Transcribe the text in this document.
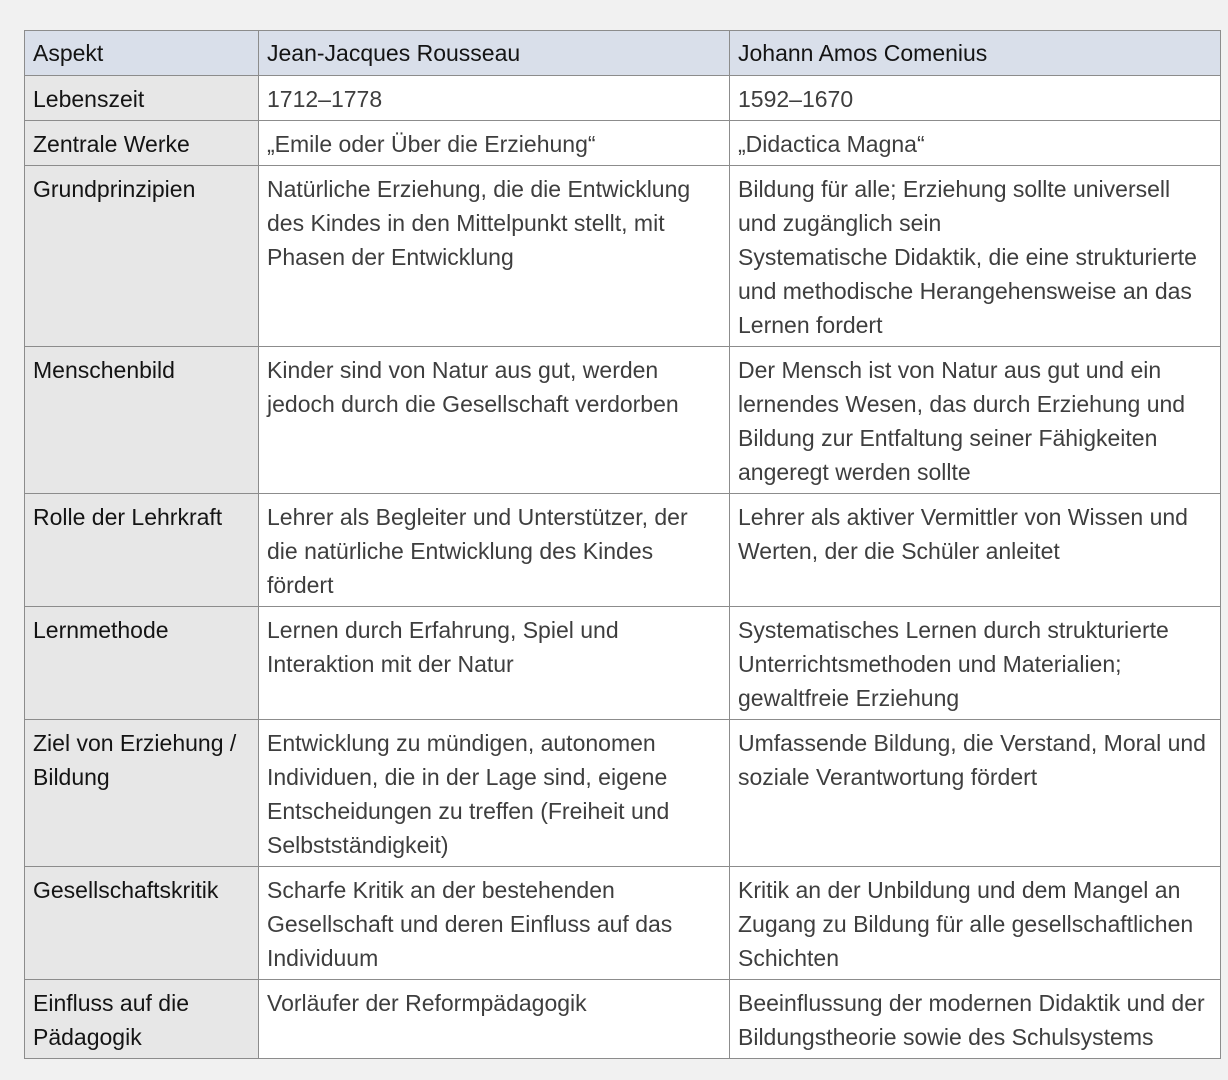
Aspekt	Jean-Jacques Rousseau	Johann Amos Comenius
Lebenszeit	1712–1778	1592–1670

Zentrale Werke	„Emile oder Über die Erziehung“	„Didactica Magna“

Grundprinzipien	Natürliche Erziehung, die die Entwicklung des Kindes in den Mittelpunkt stellt, mit Phasen der Entwicklung	Bildung für alle; Erziehung sollte universell und zugänglich sein
Systematische Didaktik, die eine strukturierte und methodische Herangehensweise an das Lernen fordert

Menschenbild	Kinder sind von Natur aus gut, werden jedoch durch die Gesellschaft verdorben	Der Mensch ist von Natur aus gut und ein lernendes Wesen, das durch Erziehung und Bildung zur Entfaltung seiner Fähigkeiten angeregt werden sollte

Rolle der Lehrkraft	Lehrer als Begleiter und Unterstützer, der die natürliche Entwicklung des Kindes fördert	Lehrer als aktiver Vermittler von Wissen und Werten, der die Schüler anleitet

Lernmethode	Lernen durch Erfahrung, Spiel und Interaktion mit der Natur	Systematisches Lernen durch strukturierte Unterrichtsmethoden und Materialien; gewaltfreie Erziehung

Ziel von Erziehung / Bildung	Entwicklung zu mündigen, autonomen Individuen, die in der Lage sind, eigene Entscheidungen zu treffen (Freiheit und Selbstständigkeit)	Umfassende Bildung, die Verstand, Moral und soziale Verantwortung fördert

Gesellschaftskritik	Scharfe Kritik an der bestehenden Gesellschaft und deren Einfluss auf das Individuum	Kritik an der Unbildung und dem Mangel an Zugang zu Bildung für alle gesellschaftlichen Schichten

Einfluss auf die Pädagogik	Vorläufer der Reformpädagogik	Beeinflussung der modernen Didaktik und der Bildungstheorie sowie des Schulsystems
